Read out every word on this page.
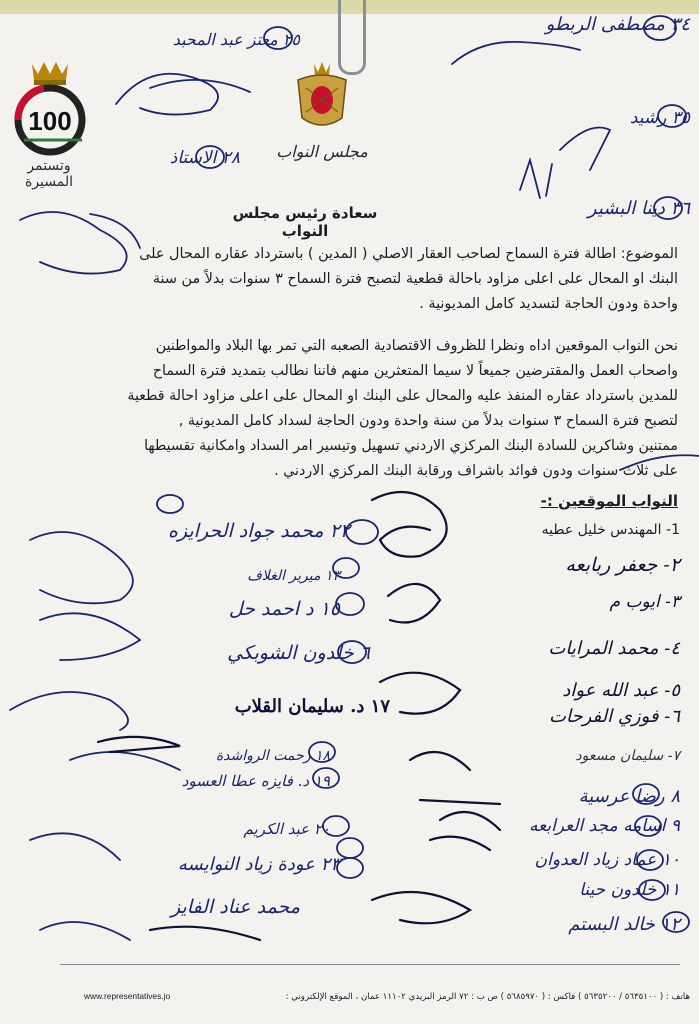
100
وتستمر المسيرة
مجلس النواب
سعادة رئيس مجلس النواب
الموضوع: اطالة فترة السماح لصاحب العقار الاصلي ( المدين ) باسترداد عقاره المحال على
البنك او المحال على اعلى مزاود باحالة قطعية لتصبح فترة السماح ٣ سنوات بدلاً من سنة
واحدة ودون الحاجة لتسديد كامل المديونية .
نحن النواب الموقعين اداه ونظرا للظروف الاقتصادية الصعبه التي تمر بها البلاد والمواطنين
واصحاب العمل والمقترضين جميعاً لا سيما المتعثرين منهم فاننا نطالب بتمديد فترة السماح
للمدين باسترداد عقاره المنفذ عليه والمحال على البنك او المحال على اعلى مزاود احالة قطعية
لتصبح فترة السماح ٣ سنوات بدلاً من سنة واحدة ودون الحاجة لسداد كامل المديونية ,
ممتنين وشاكرين للسادة البنك المركزي الاردني تسهيل وتيسير امر السداد وامكانية تقسيطها
على ثلاث سنوات ودون فوائد باشراف ورقابة البنك المركزي الاردني .
النواب الموقعين :-
1- المهندس خليل عطيه
٢- جعفر ربابعه
٣- ايوب م
٤- محمد المرايات
٥- عبد الله عواد
٦- فوزي الفرحات
٧- سليمان مسعود
٨ رضا عرسية
٩ اسامه مجد العرابعه
١٠ عماد زياد العدوان
١١ خلدون حينا
١٢ خالد البستم
٣٤ مصطفى الربطو
٢٥ معتز عبد المحبد
٢٨ الاستاذ
٣٥ رشيد
٣٦ دينا البشير
٢٢ محمد جواد الحرايزه
١٣ ميرير الغلاف
١٥ د احمد حل
٦ خلدون الشوبكي
١٧ د. سليمان القلاب
١٨ رحمت الرواشدة
١٩ د. فايزه عطا العسود
٢٠ عبد الكريم
٢٣ عودة زياد النوايسه
محمد عناد الفايز
هاتف : ( ٥٦٣٥١٠٠ / ٥٦٣٥٢٠٠ ) فاكس : ( ٥٦٨٥٩٧٠ ) ص ب : ٧٢ الرمز البريدي ١١١٠٢ عمان ، الموقع الإلكتروني :
www.representatives.jo
